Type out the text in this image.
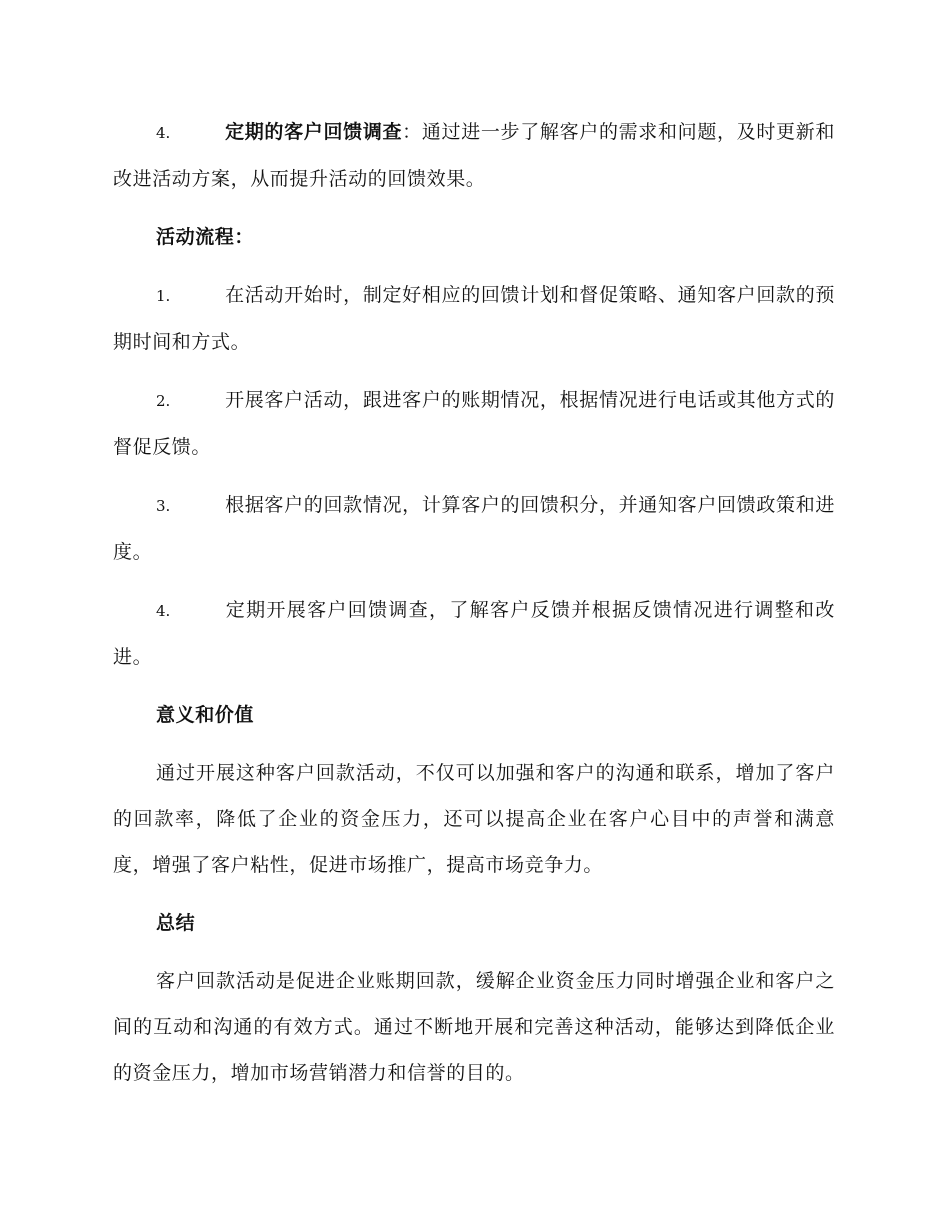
4.	定期的客户回馈调查：通过进一步了解客户的需求和问题，及时更新和改进活动方案，从而提升活动的回馈效果。

活动流程：

1.	在活动开始时，制定好相应的回馈计划和督促策略、通知客户回款的预期时间和方式。

2.	开展客户活动，跟进客户的账期情况，根据情况进行电话或其他方式的督促反馈。

3.	根据客户的回款情况，计算客户的回馈积分，并通知客户回馈政策和进度。

4.	定期开展客户回馈调查，了解客户反馈并根据反馈情况进行调整和改进。

意义和价值

通过开展这种客户回款活动，不仅可以加强和客户的沟通和联系，增加了客户的回款率，降低了企业的资金压力，还可以提高企业在客户心目中的声誉和满意度，增强了客户粘性，促进市场推广，提高市场竞争力。

总结

客户回款活动是促进企业账期回款，缓解企业资金压力同时增强企业和客户之间的互动和沟通的有效方式。通过不断地开展和完善这种活动，能够达到降低企业的资金压力，增加市场营销潜力和信誉的目的。
